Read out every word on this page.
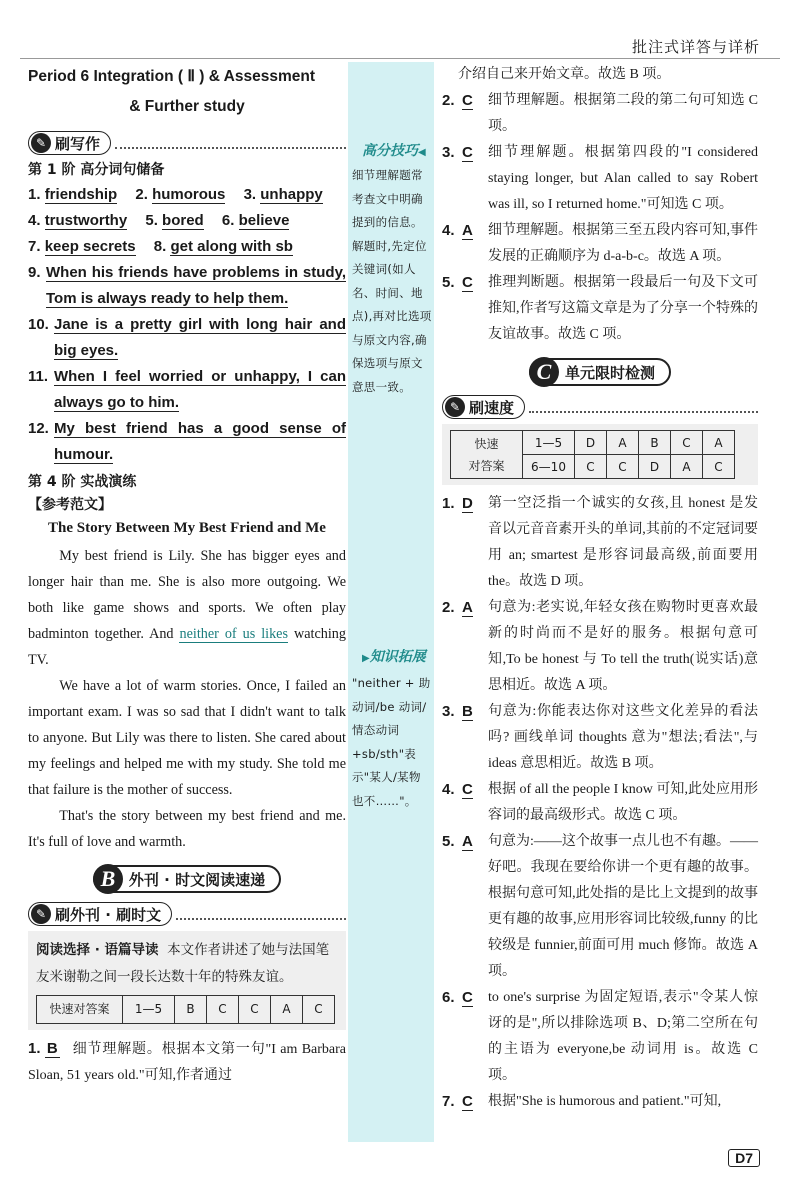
批注式详答与详析
Period 6 Integration ( Ⅱ ) & Assessment
& Further study
✎ 刷写作
第 1 阶 高分词句储备
1. friendship 2. humorous 3. unhappy
4. trustworthy 5. bored 6. believe
7. keep secrets 8. get along with sb
9. When his friends have problems in study, Tom is always ready to help them.
10. Jane is a pretty girl with long hair and big eyes.
11. When I feel worried or unhappy, I can always go to him.
12. My best friend has a good sense of humour.
第 4 阶 实战演练
【参考范文】
The Story Between My Best Friend and Me

My best friend is Lily. She has bigger eyes and longer hair than me. She is also more outgoing. We both like game shows and sports. We often play badminton together. And neither of us likes watching TV.

We have a lot of warm stories. Once, I failed an important exam. I was so sad that I didn't want to talk to anyone. But Lily was there to listen. She cared about my feelings and helped me with my study. She told me that failure is the mother of success.

That's the story between my best friend and me. It's full of love and warmth.

B 外刊 · 时文阅读速递
✎ 刷外刊 · 刷时文
阅读选择 · 语篇导读 本文作者讲述了她与法国笔友米谢勒之间一段长达数十年的特殊友谊。
快速对答案	1—5	B	C	C	A	C
1. B 细节理解题。根据本文第一句"I am Barbara Sloan, 51 years old."可知,作者通过
高分技巧◀
细节理解题常考查文中明确提到的信息。解题时,先定位关键词(如人名、时间、地点),再对比选项与原文内容,确保选项与原文意思一致。
▶知识拓展
"neither + 助动词/be 动词/情态动词+sb/sth"表示"某人/某物也不……"。
介绍自己来开始文章。故选 B 项。
2. C	细节理解题。根据第二段的第二句可知选 C 项。
3. C	细节理解题。根据第四段的"I considered staying longer, but Alan called to say Robert was ill, so I returned home."可知选 C 项。
4. A	细节理解题。根据第三至五段内容可知,事件发展的正确顺序为 d-a-b-c。故选 A 项。
5. C	推理判断题。根据第一段最后一句及下文可推知,作者写这篇文章是为了分享一个特殊的友谊故事。故选 C 项。
C 单元限时检测
✎ 刷速度
快速
对答案	1—5	D	A	B	C	A
	6—10	C	C	D	A	C
1. D	第一空泛指一个诚实的女孩,且 honest 是发音以元音音素开头的单词,其前的不定冠词要用 an; smartest 是形容词最高级,前面要用 the。故选 D 项。
2. A	句意为:老实说,年轻女孩在购物时更喜欢最新的时尚而不是好的服务。根据句意可知,To be honest 与 To tell the truth(说实话)意思相近。故选 A 项。
3. B	句意为:你能表达你对这些文化差异的看法吗? 画线单词 thoughts 意为"想法;看法",与 ideas 意思相近。故选 B 项。
4. C	根据 of all the people I know 可知,此处应用形容词的最高级形式。故选 C 项。
5. A	句意为:——这个故事一点儿也不有趣。——好吧。我现在要给你讲一个更有趣的故事。根据句意可知,此处指的是比上文提到的故事更有趣的故事,应用形容词比较级,funny 的比较级是 funnier,前面可用 much 修饰。故选 A 项。
6. C	to one's surprise 为固定短语,表示"令某人惊讶的是",所以排除选项 B、D;第二空所在句的主语为 everyone,be 动词用 is。故选 C 项。
7. C	根据"She is humorous and patient."可知,
D7
